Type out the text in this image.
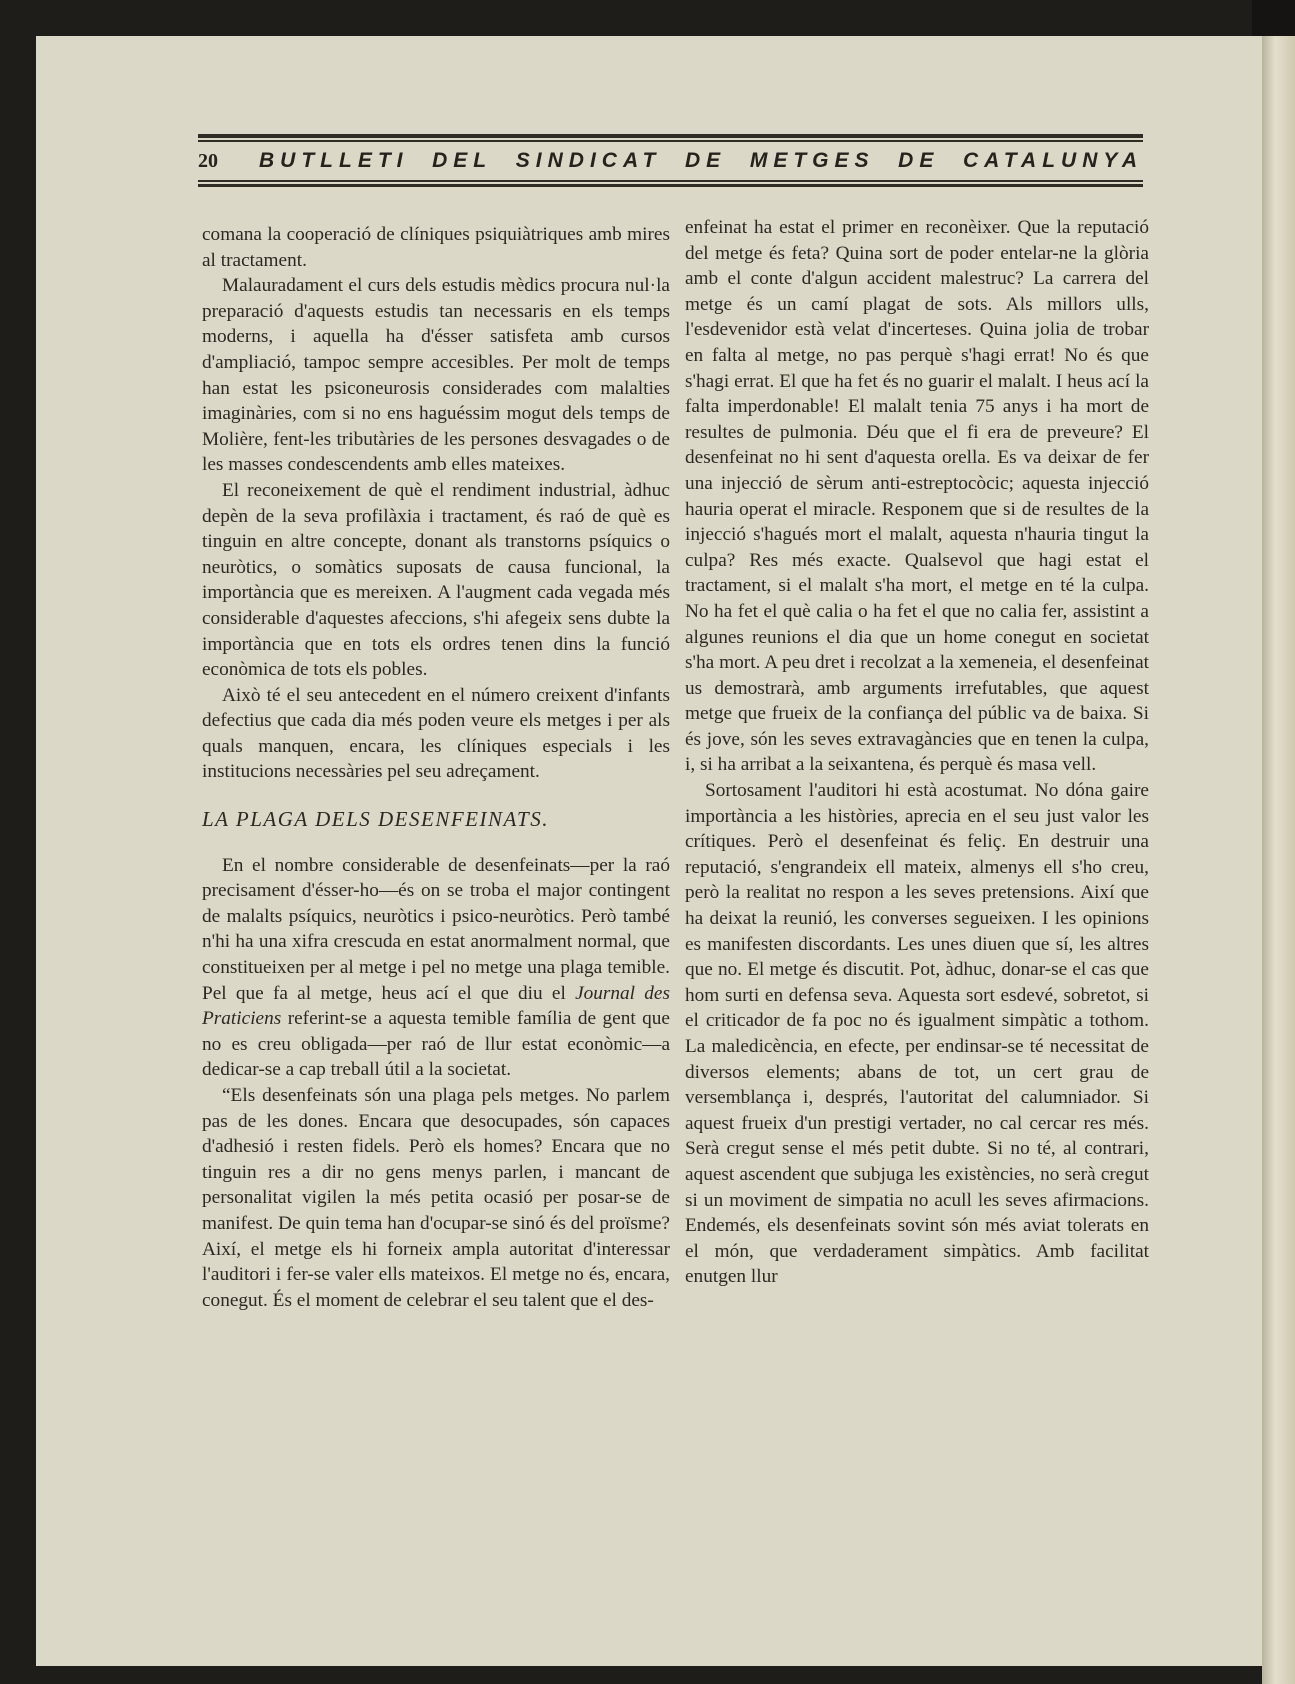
20 BUTLLETI DEL SINDICAT DE METGES DE CATALUNYA

comana la cooperació de clíniques psiquiàtriques amb mires al tractament.

Malauradament el curs dels estudis mèdics procura nul·la preparació d'aquests estudis tan necessaris en els temps moderns, i aquella ha d'ésser satisfeta amb cursos d'ampliació, tampoc sempre accesibles. Per molt de temps han estat les psiconeurosis considerades com malalties imaginàries, com si no ens haguéssim mogut dels temps de Molière, fent-les tributàries de les persones desvagades o de les masses condescendents amb elles mateixes.

El reconeixement de què el rendiment industrial, àdhuc depèn de la seva profilàxia i tractament, és raó de què es tinguin en altre concepte, donant als transtorns psíquics o neuròtics, o somàtics suposats de causa funcional, la importància que es mereixen. A l'augment cada vegada més considerable d'aquestes afeccions, s'hi afegeix sens dubte la importància que en tots els ordres tenen dins la funció econòmica de tots els pobles.

Això té el seu antecedent en el número creixent d'infants defectius que cada dia més poden veure els metges i per als quals manquen, encara, les clíniques especials i les institucions necessàries pel seu adreçament.

LA PLAGA DELS DESENFEINATS.

En el nombre considerable de desenfeinats—per la raó precisament d'ésser-ho—és on se troba el major contingent de malalts psíquics, neuròtics i psico-neuròtics. Però també n'hi ha una xifra crescuda en estat anormalment normal, que constitueixen per al metge i pel no metge una plaga temible. Pel que fa al metge, heus ací el que diu el Journal des Praticiens referint-se a aquesta temible família de gent que no es creu obligada—per raó de llur estat econòmic—a dedicar-se a cap treball útil a la societat.

“Els desenfeinats són una plaga pels metges. No parlem pas de les dones. Encara que desocupades, són capaces d'adhesió i resten fidels. Però els homes? Encara que no tinguin res a dir no gens menys parlen, i mancant de personalitat vigilen la més petita ocasió per posar-se de manifest. De quin tema han d'ocupar-se sinó és del proïsme? Així, el metge els hi forneix ampla autoritat d'interessar l'auditori i fer-se valer ells mateixos. El metge no és, encara, conegut. És el moment de celebrar el seu talent que el des-

enfeinat ha estat el primer en reconèixer. Que la reputació del metge és feta? Quina sort de poder entelar-ne la glòria amb el conte d'algun accident malestruc? La carrera del metge és un camí plagat de sots. Als millors ulls, l'esdevenidor està velat d'incerteses. Quina joliа de trobar en falta al metge, no pas perquè s'hagi errat! No és que s'hagi errat. El que ha fet és no guarir el malalt. I heus ací la falta imperdonable! El malalt tenia 75 anys i ha mort de resultes de pulmonia. Déu que el fi era de preveure? El desenfeinat no hi sent d'aquesta orella. Es va deixar de fer una injecció de sèrum anti-estreptocòcic; aquesta injecció hauria operat el miracle. Responem que si de resultes de la injecció s'hagués mort el malalt, aquesta n'hauria tingut la culpa? Res més exacte. Qualsevol que hagi estat el tractament, si el malalt s'ha mort, el metge en té la culpa. No ha fet el què calia o ha fet el que no calia fer, assistint a algunes reunions el dia que un home conegut en societat s'ha mort. A peu dret i recolzat a la xemeneia, el desenfeinat us demostrarà, amb arguments irrefutables, que aquest metge que frueix de la confiança del públic va de baixa. Si és jove, són les seves extravagàncies que en tenen la culpa, i, si ha arribat a la seixantena, és perquè és masa vell.

Sortosament l'auditori hi està acostumat. No dóna gaire importància a les històries, aprecia en el seu just valor les crítiques. Però el desenfeinat és feliç. En destruir una reputació, s'engrandeix ell mateix, almenys ell s'ho creu, però la realitat no respon a les seves pretensions. Així que ha deixat la reunió, les converses segueixen. I les opinions es manifesten discordants. Les unes diuen que sí, les altres que no. El metge és discutit. Pot, àdhuc, donar-se el cas que hom surti en defensa seva. Aquesta sort esdevé, sobretot, si el criticador de fa poc no és igualment simpàtic a tothom. La maledicència, en efecte, per endinsar-se té necessitat de diversos elements; abans de tot, un cert grau de versemblança i, després, l'autoritat del calumniador. Si aquest frueix d'un prestigi vertader, no cal cercar res més. Serà cregut sense el més petit dubte. Si no té, al contrari, aquest ascendent que subjuga les existències, no serà cregut si un moviment de simpatia no acull les seves afirmacions. Endemés, els desenfeinats sovint són més aviat tolerats en el món, que verdaderament simpàtics. Amb facilitat enutgen llur
